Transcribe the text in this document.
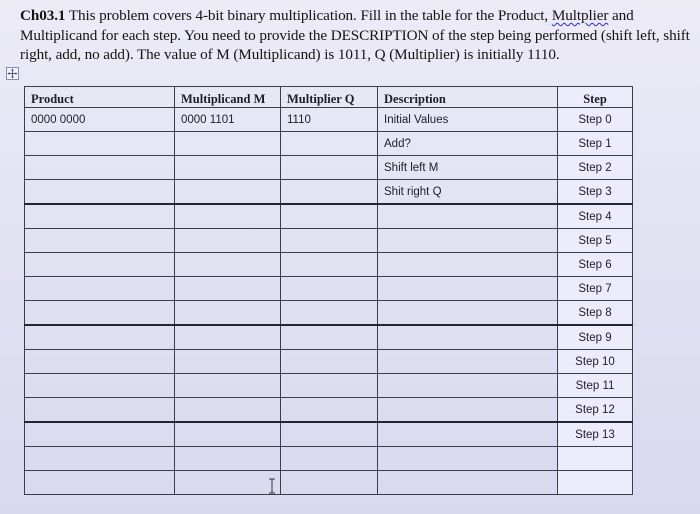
Ch03.1 This problem covers 4-bit binary multiplication. Fill in the table for the Product, Multplier and Multiplicand for each step. You need to provide the DESCRIPTION of the step being performed (shift left, shift right, add, no add). The value of M (Multiplicand) is 1011, Q (Multiplier) is initially 1110.
Product	Multiplicand M	Multiplier Q	Description	Step
0000 0000	0000 1101	1110	Initial Values	Step 0
			Add?	Step 1
			Shift left M	Step 2
			Shit right Q	Step 3
				Step 4
				Step 5
				Step 6
				Step 7
				Step 8
				Step 9
				Step 10
				Step 11
				Step 12
				Step 13
